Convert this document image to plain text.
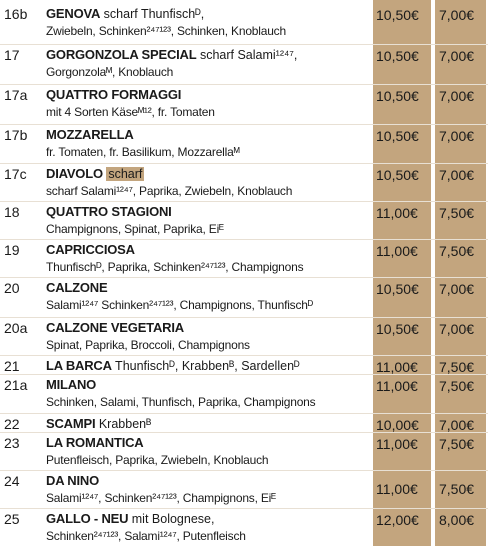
16b	GENOVA scharf Thunfischᴰ,
Zwiebeln, Schinken²⁴⁷¹²³, Schinken, Knoblauch
10,50€	7,00€
17	GORGONZOLA SPECIAL scharf Salami¹²⁴⁷,
Gorgonzolaᴹ, Knoblauch
10,50€	7,00€
17a	QUATTRO FORMAGGI
mit 4 Sorten Käseᴹ¹², fr. Tomaten
10,50€	7,00€
17b	MOZZARELLA
fr. Tomaten, fr. Basilikum, Mozzarellaᴹ
10,50€	7,00€
17c	DIAVOLO scharf
scharf Salami¹²⁴⁷, Paprika, Zwiebeln, Knoblauch
10,50€	7,00€
18	QUATTRO STAGIONI
Champignons, Spinat, Paprika, Eiᴱ
11,00€	7,50€
19	CAPRICCIOSA
Thunfischᴰ, Paprika, Schinken²⁴⁷¹²³, Champignons
11,00€	7,50€
20	CALZONE
Salami¹²⁴⁷ Schinken²⁴⁷¹²³, Champignons, Thunfischᴰ
10,50€	7,00€
20a	CALZONE VEGETARIA
Spinat, Paprika, Broccoli, Champignons
10,50€	7,00€
21	LA BARCA Thunfischᴰ, Krabbenᴮ, Sardellenᴰ	11,00€	7,50€
21a	MILANO
Schinken, Salami, Thunfisch, Paprika, Champignons
11,00€	7,50€
22	SCAMPI Krabbenᴮ	10,00€	7,00€
23	LA ROMANTICA
Putenfleisch, Paprika, Zwiebeln, Knoblauch
11,00€	7,50€
24	DA NINO
Salami¹²⁴⁷, Schinken²⁴⁷¹²³, Champignons, Eiᴱ
11,00€	7,50€
25	GALLO - NEU mit Bolognese,
Schinken²⁴⁷¹²³, Salami¹²⁴⁷, Putenfleisch
12,00€	8,00€
